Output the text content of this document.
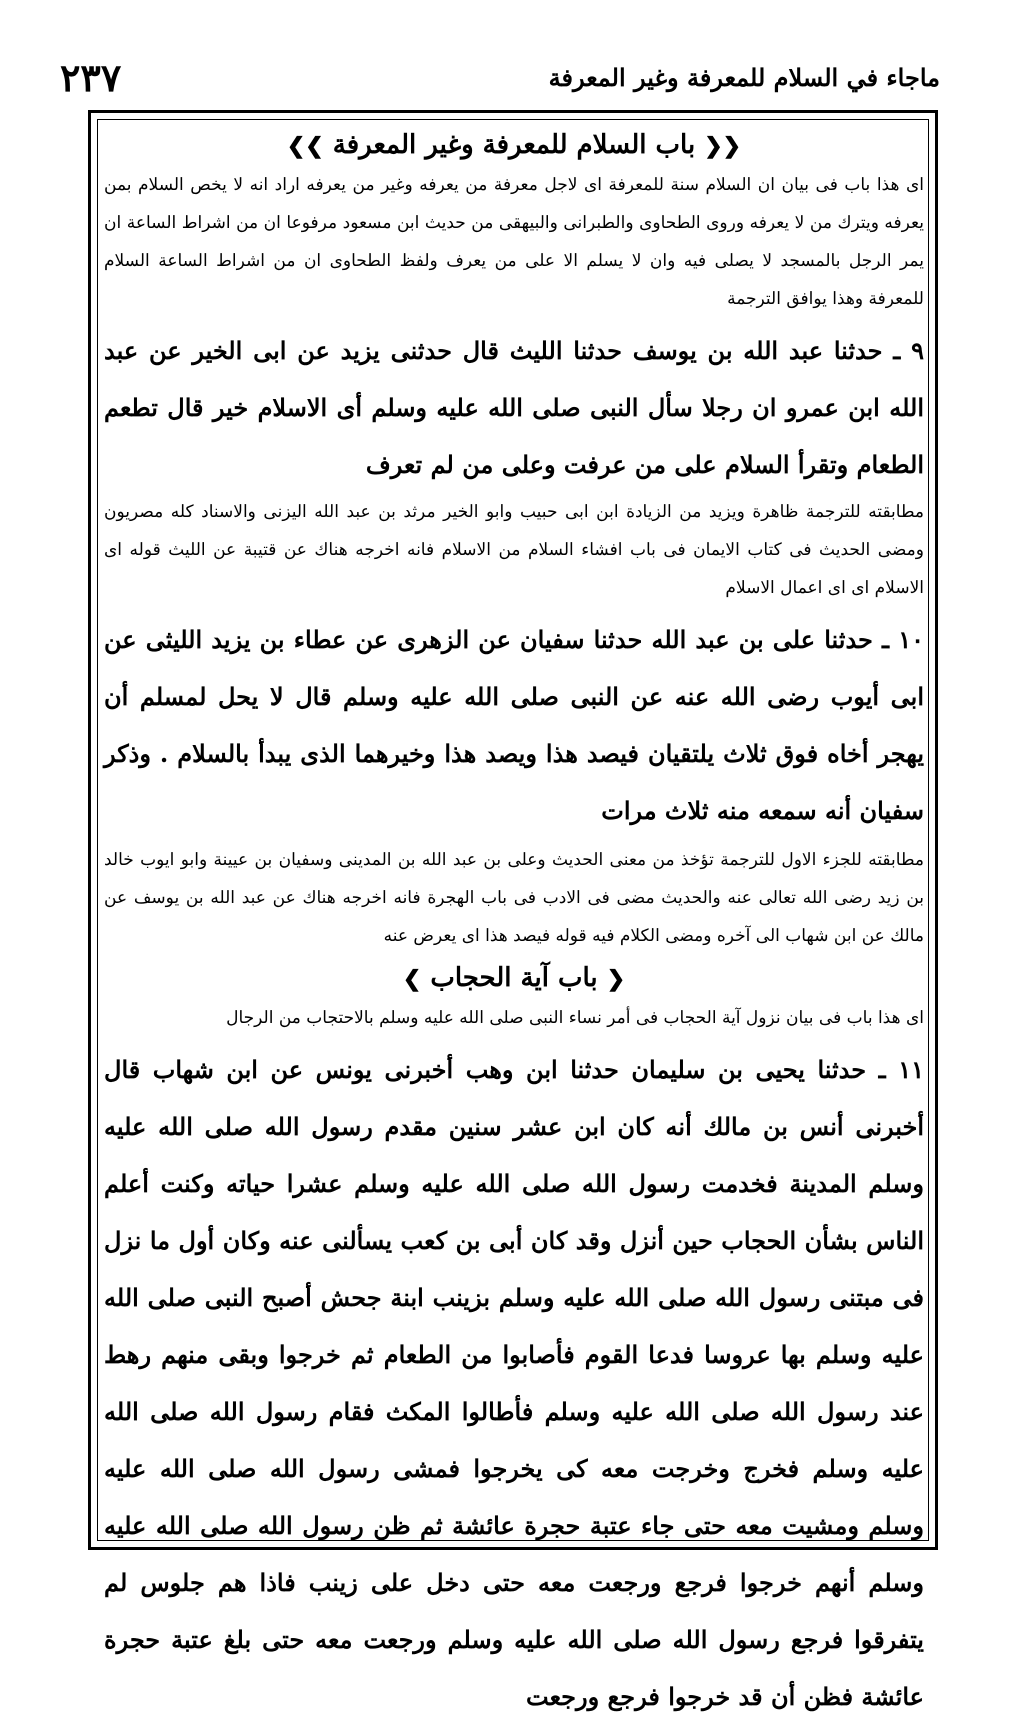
٢٣٧	ماجاء في السلام للمعرفة وغير المعرفة
❮❮ باب السلام للمعرفة وغير المعرفة ❯❯

اى هذا باب فى بيان ان السلام سنة للمعرفة اى لاجل معرفة من يعرفه وغير من يعرفه اراد انه لا يخص السلام بمن يعرفه ويترك من لا يعرفه وروى الطحاوى والطبرانى والبيهقى من حديث ابن مسعود مرفوعا ان من اشراط الساعة ان يمر الرجل بالمسجد لا يصلى فيه وان لا يسلم الا على من يعرف ولفظ الطحاوى ان من اشراط الساعة السلام للمعرفة وهذا يوافق الترجمة

٩ ـ حدثنا عبد الله بن يوسف حدثنا الليث قال حدثنى يزيد عن ابى الخير عن عبد الله ابن عمرو ان رجلا سأل النبى صلى الله عليه وسلم أى الاسلام خير قال تطعم الطعام وتقرأ السلام على من عرفت وعلى من لم تعرف

مطابقته للترجمة ظاهرة ويزيد من الزيادة ابن ابى حبيب وابو الخير مرثد بن عبد الله اليزنى والاسناد كله مصريون ومضى الحديث فى كتاب الايمان فى باب افشاء السلام من الاسلام فانه اخرجه هناك عن قتيبة عن الليث قوله اى الاسلام اى اى اعمال الاسلام

١٠ ـ حدثنا على بن عبد الله حدثنا سفيان عن الزهرى عن عطاء بن يزيد الليثى عن ابى أيوب رضى الله عنه عن النبى صلى الله عليه وسلم قال لا يحل لمسلم أن يهجر أخاه فوق ثلاث يلتقيان فيصد هذا ويصد هذا وخيرهما الذى يبدأ بالسلام . وذكر سفيان أنه سمعه منه ثلاث مرات

مطابقته للجزء الاول للترجمة تؤخذ من معنى الحديث وعلى بن عبد الله بن المدينى وسفيان بن عيينة وابو ايوب خالد بن زيد رضى الله تعالى عنه والحديث مضى فى الادب فى باب الهجرة فانه اخرجه هناك عن عبد الله بن يوسف عن مالك عن ابن شهاب الى آخره ومضى الكلام فيه قوله فيصد هذا اى يعرض عنه

❮ باب آية الحجاب ❯

اى هذا باب فى بيان نزول آية الحجاب فى أمر نساء النبى صلى الله عليه وسلم بالاحتجاب من الرجال

١١ ـ حدثنا يحيى بن سليمان حدثنا ابن وهب أخبرنى يونس عن ابن شهاب قال أخبرنى أنس بن مالك أنه كان ابن عشر سنين مقدم رسول الله صلى الله عليه وسلم المدينة فخدمت رسول الله صلى الله عليه وسلم عشرا حياته وكنت أعلم الناس بشأن الحجاب حين أنزل وقد كان أبى بن كعب يسألنى عنه وكان أول ما نزل فى مبتنى رسول الله صلى الله عليه وسلم بزينب ابنة جحش أصبح النبى صلى الله عليه وسلم بها عروسا فدعا القوم فأصابوا من الطعام ثم خرجوا وبقى منهم رهط عند رسول الله صلى الله عليه وسلم فأطالوا المكث فقام رسول الله صلى الله عليه وسلم فخرج وخرجت معه كى يخرجوا فمشى رسول الله صلى الله عليه وسلم ومشيت معه حتى جاء عتبة حجرة عائشة ثم ظن رسول الله صلى الله عليه وسلم أنهم خرجوا فرجع ورجعت معه حتى دخل على زينب فاذا هم جلوس لم يتفرقوا فرجع رسول الله صلى الله عليه وسلم ورجعت معه حتى بلغ عتبة حجرة عائشة فظن أن قد خرجوا فرجع ورجعت
